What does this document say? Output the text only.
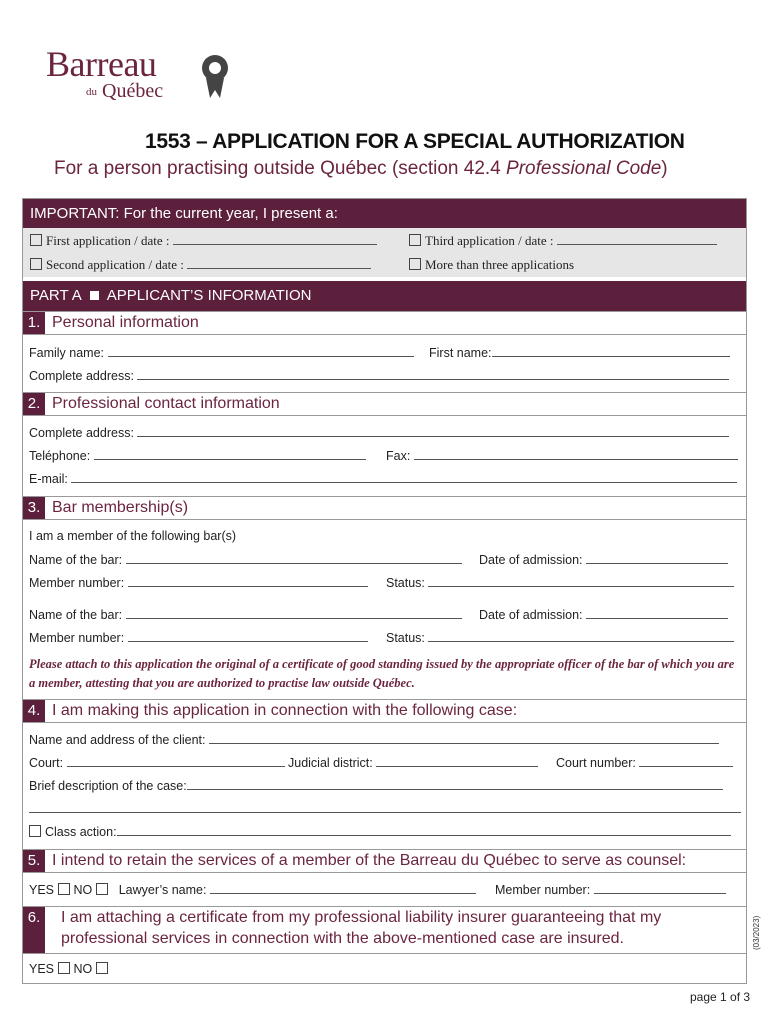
Barreau
du Québec
1553 – APPLICATION FOR A SPECIAL AUTHORIZATION
For a person practising outside Québec (section 42.4 Professional Code)
IMPORTANT: For the current year, I present a:
First application / date :	Third application / date :
Second application / date :	More than three applications
PART A APPLICANT’S INFORMATION
1. Personal information
Family name:	First name:
Complete address:
2. Professional contact information
Complete address:
Teléphone:	Fax:
E-mail:
3. Bar membership(s)
I am a member of the following bar(s)
Name of the bar:	Date of admission:
Member number:	Status:
Name of the bar:	Date of admission:
Member number:	Status:
Please attach to this application the original of a certificate of good standing issued by the appropriate officer of the bar of which you are a member, attesting that you are authorized to practise law outside Québec.
4. I am making this application in connection with the following case:
Name and address of the client:
Court:	Judicial district:	Court number:
Brief description of the case:
Class action:
5. I intend to retain the services of a member of the Barreau du Québec to serve as counsel:
YES NO Lawyer’s name:	Member number:
6. I am attaching a certificate from my professional liability insurer guaranteeing that my
professional services in connection with the above-mentioned case are insured.
YES NO
(03/2023)
page 1 of 3
